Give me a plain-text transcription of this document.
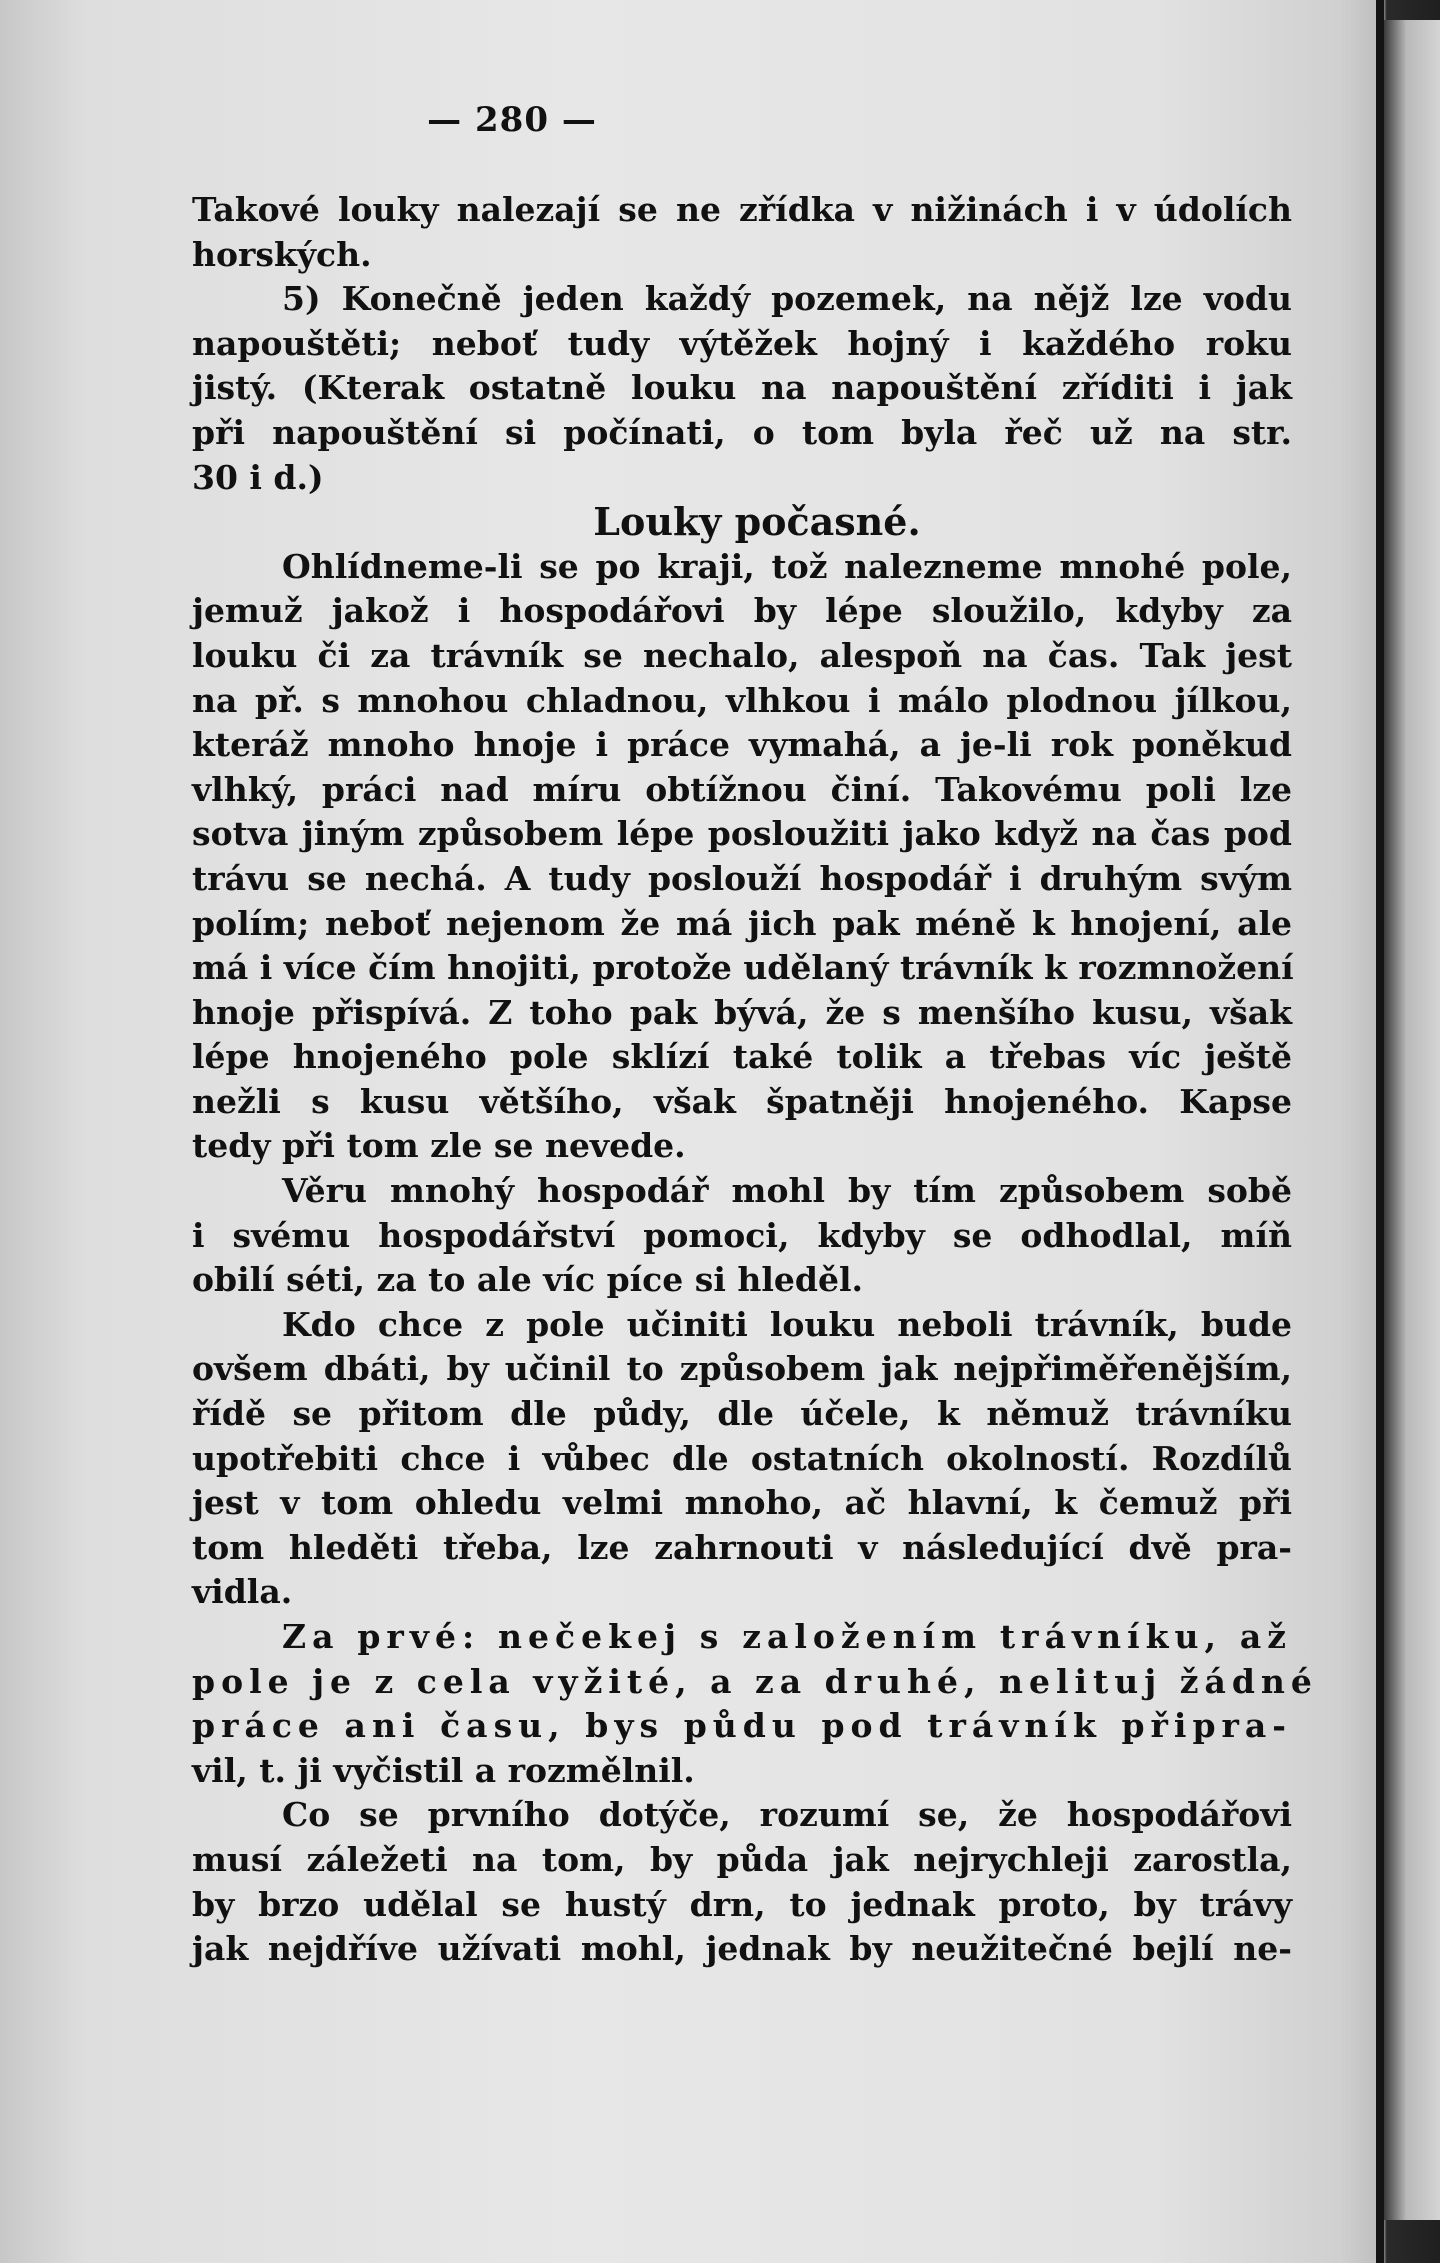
— 280 —
Takové louky nalezají se ne zřídka v nižinách i v údolích
horských.
5) Konečně jeden každý pozemek, na nějž lze vodu
napouštěti; neboť tudy výtěžek hojný i každého roku
jistý. (Kterak ostatně louku na napouštění zříditi i jak
při napouštění si počínati, o tom byla řeč už na str.
30 i d.)
Louky počasné.
Ohlídneme-li se po kraji, tož nalezneme mnohé pole,
jemuž jakož i hospodářovi by lépe sloužilo, kdyby za
louku či za trávník se nechalo, alespoň na čas. Tak jest
na př. s mnohou chladnou, vlhkou i málo plodnou jílkou,
kteráž mnoho hnoje i práce vymahá, a je-li rok poněkud
vlhký, práci nad míru obtížnou činí. Takovému poli lze
sotva jiným způsobem lépe posloužiti jako když na čas pod
trávu se nechá. A tudy poslouží hospodář i druhým svým
polím; neboť nejenom že má jich pak méně k hnojení, ale
má i více čím hnojiti, protože udělaný trávník k rozmnožení
hnoje přispívá. Z toho pak bývá, že s menšího kusu, však
lépe hnojeného pole sklízí také tolik a třebas víc ještě
nežli s kusu většího, však špatněji hnojeného. Kapse
tedy při tom zle se nevede.
Věru mnohý hospodář mohl by tím způsobem sobě
i svému hospodářství pomoci, kdyby se odhodlal, míň
obilí séti, za to ale víc píce si hleděl.
Kdo chce z pole učiniti louku neboli trávník, bude
ovšem dbáti, by učinil to způsobem jak nejpřiměřenějším,
řídě se přitom dle půdy, dle účele, k němuž trávníku
upotřebiti chce i vůbec dle ostatních okolností. Rozdílů
jest v tom ohledu velmi mnoho, ač hlavní, k čemuž při
tom hleděti třeba, lze zahrnouti v následující dvě pra-
vidla.
Za prvé: nečekej s založením trávníku, až
pole je z cela vyžité, a za druhé, nelituj žádné
práce ani času, bys půdu pod trávník připra-
vil, t. ji vyčistil a rozmělnil.
Co se prvního dotýče, rozumí se, že hospodářovi
musí záležeti na tom, by půda jak nejrychleji zarostla,
by brzo udělal se hustý drn, to jednak proto, by trávy
jak nejdříve užívati mohl, jednak by neužitečné bejlí ne-
